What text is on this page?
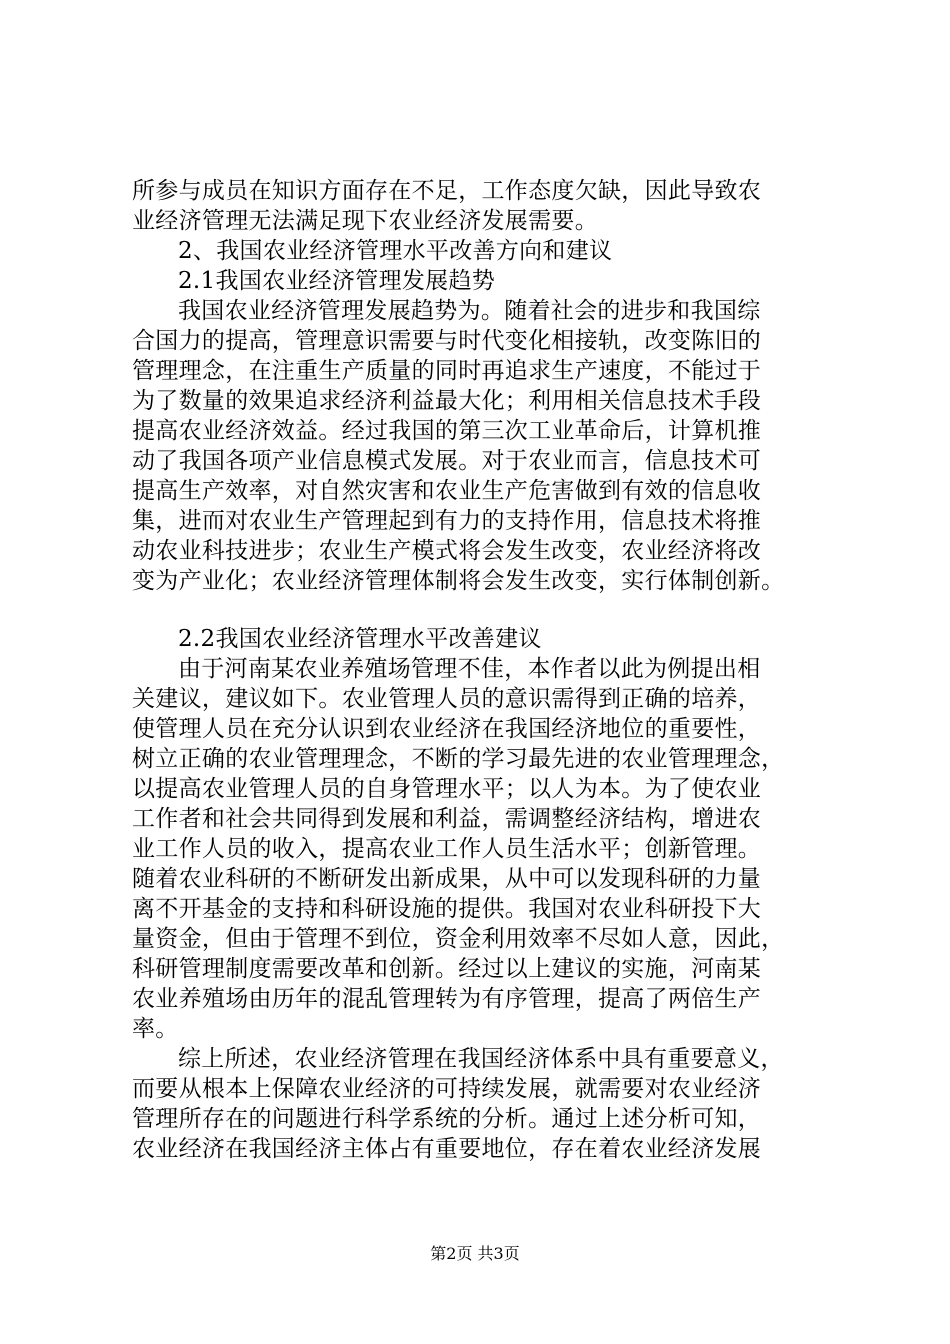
所参与成员在知识方面存在不足，工作态度欠缺，因此导致农
业经济管理无法满足现下农业经济发展需要。
2、我国农业经济管理水平改善方向和建议
2.1我国农业经济管理发展趋势
我国农业经济管理发展趋势为。随着社会的进步和我国综
合国力的提高，管理意识需要与时代变化相接轨，改变陈旧的
管理理念，在注重生产质量的同时再追求生产速度，不能过于
为了数量的效果追求经济利益最大化；利用相关信息技术手段
提高农业经济效益。经过我国的第三次工业革命后，计算机推
动了我国各项产业信息模式发展。对于农业而言，信息技术可
提高生产效率，对自然灾害和农业生产危害做到有效的信息收
集，进而对农业生产管理起到有力的支持作用，信息技术将推
动农业科技进步；农业生产模式将会发生改变，农业经济将改
变为产业化；农业经济管理体制将会发生改变，实行体制创新。
2.2我国农业经济管理水平改善建议
由于河南某农业养殖场管理不佳，本作者以此为例提出相
关建议，建议如下。农业管理人员的意识需得到正确的培养，
使管理人员在充分认识到农业经济在我国经济地位的重要性，
树立正确的农业管理理念，不断的学习最先进的农业管理理念，
以提高农业管理人员的自身管理水平；以人为本。为了使农业
工作者和社会共同得到发展和利益，需调整经济结构，增进农
业工作人员的收入，提高农业工作人员生活水平；创新管理。
随着农业科研的不断研发出新成果，从中可以发现科研的力量
离不开基金的支持和科研设施的提供。我国对农业科研投下大
量资金，但由于管理不到位，资金利用效率不尽如人意，因此，
科研管理制度需要改革和创新。经过以上建议的实施，河南某
农业养殖场由历年的混乱管理转为有序管理，提高了两倍生产
率。
综上所述，农业经济管理在我国经济体系中具有重要意义，
而要从根本上保障农业经济的可持续发展，就需要对农业经济
管理所存在的问题进行科学系统的分析。通过上述分析可知，
农业经济在我国经济主体占有重要地位，存在着农业经济发展
第2页 共3页
